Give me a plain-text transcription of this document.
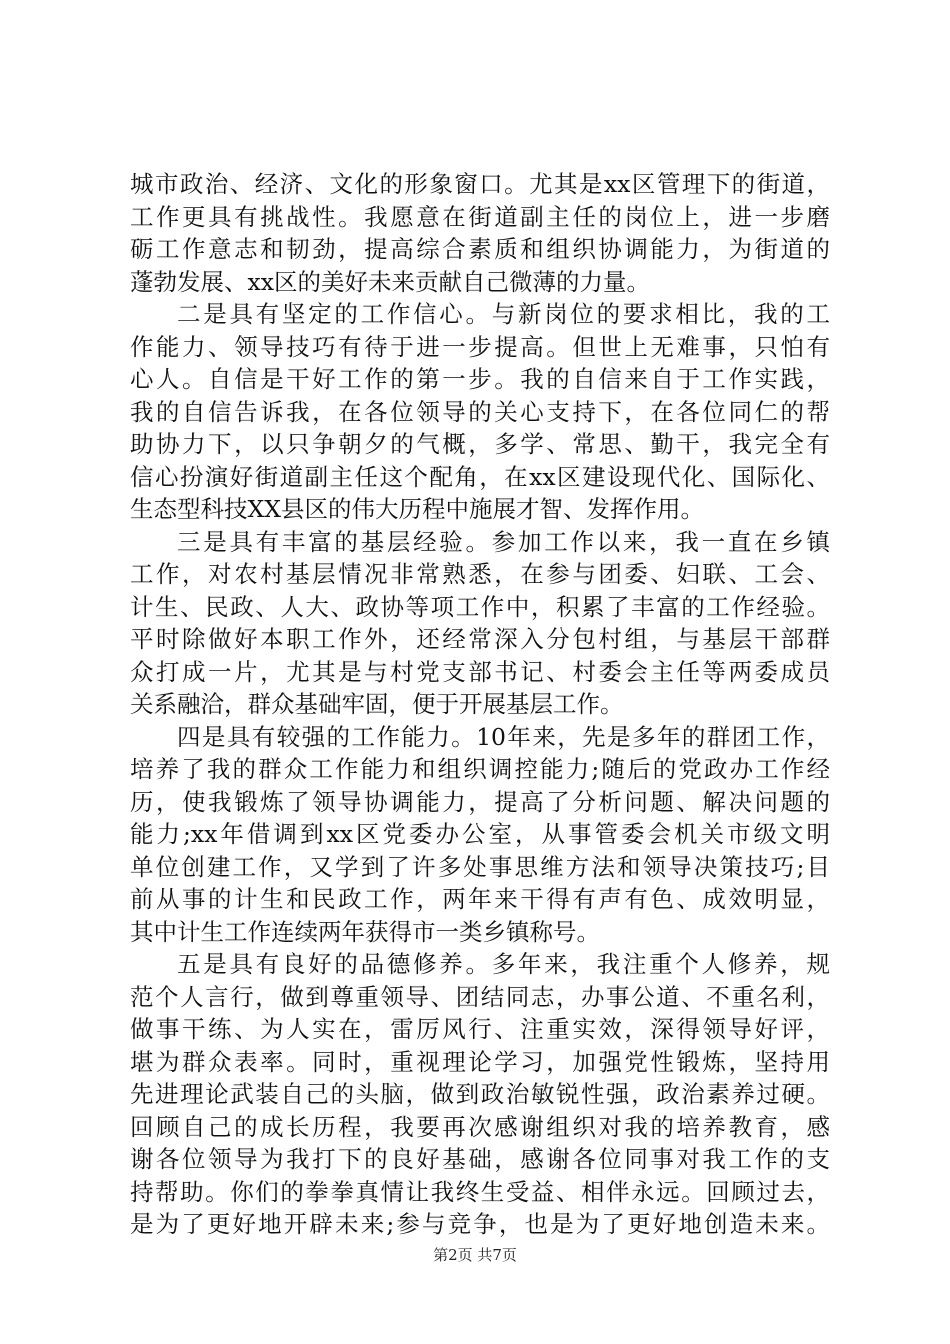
城市政治、经济、文化的形象窗口。尤其是xx区管理下的街道，
工作更具有挑战性。我愿意在街道副主任的岗位上，进一步磨
砺工作意志和韧劲，提高综合素质和组织协调能力，为街道的
蓬勃发展、xx区的美好未来贡献自己微薄的力量。
二是具有坚定的工作信心。与新岗位的要求相比，我的工
作能力、领导技巧有待于进一步提高。但世上无难事，只怕有
心人。自信是干好工作的第一步。我的自信来自于工作实践，
我的自信告诉我，在各位领导的关心支持下，在各位同仁的帮
助协力下，以只争朝夕的气概，多学、常思、勤干，我完全有
信心扮演好街道副主任这个配角，在xx区建设现代化、国际化、
生态型科技XX县区的伟大历程中施展才智、发挥作用。
三是具有丰富的基层经验。参加工作以来，我一直在乡镇
工作，对农村基层情况非常熟悉，在参与团委、妇联、工会、
计生、民政、人大、政协等项工作中，积累了丰富的工作经验。
平时除做好本职工作外，还经常深入分包村组，与基层干部群
众打成一片，尤其是与村党支部书记、村委会主任等两委成员
关系融洽，群众基础牢固，便于开展基层工作。
四是具有较强的工作能力。10年来，先是多年的群团工作，
培养了我的群众工作能力和组织调控能力;随后的党政办工作经
历，使我锻炼了领导协调能力，提高了分析问题、解决问题的
能力;xx年借调到xx区党委办公室，从事管委会机关市级文明
单位创建工作，又学到了许多处事思维方法和领导决策技巧;目
前从事的计生和民政工作，两年来干得有声有色、成效明显，
其中计生工作连续两年获得市一类乡镇称号。
五是具有良好的品德修养。多年来，我注重个人修养，规
范个人言行，做到尊重领导、团结同志，办事公道、不重名利，
做事干练、为人实在，雷厉风行、注重实效，深得领导好评，
堪为群众表率。同时，重视理论学习，加强党性锻炼，坚持用
先进理论武装自己的头脑，做到政治敏锐性强，政治素养过硬。
回顾自己的成长历程，我要再次感谢组织对我的培养教育，感
谢各位领导为我打下的良好基础，感谢各位同事对我工作的支
持帮助。你们的拳拳真情让我终生受益、相伴永远。回顾过去，
是为了更好地开辟未来;参与竞争，也是为了更好地创造未来。
第2页 共7页
